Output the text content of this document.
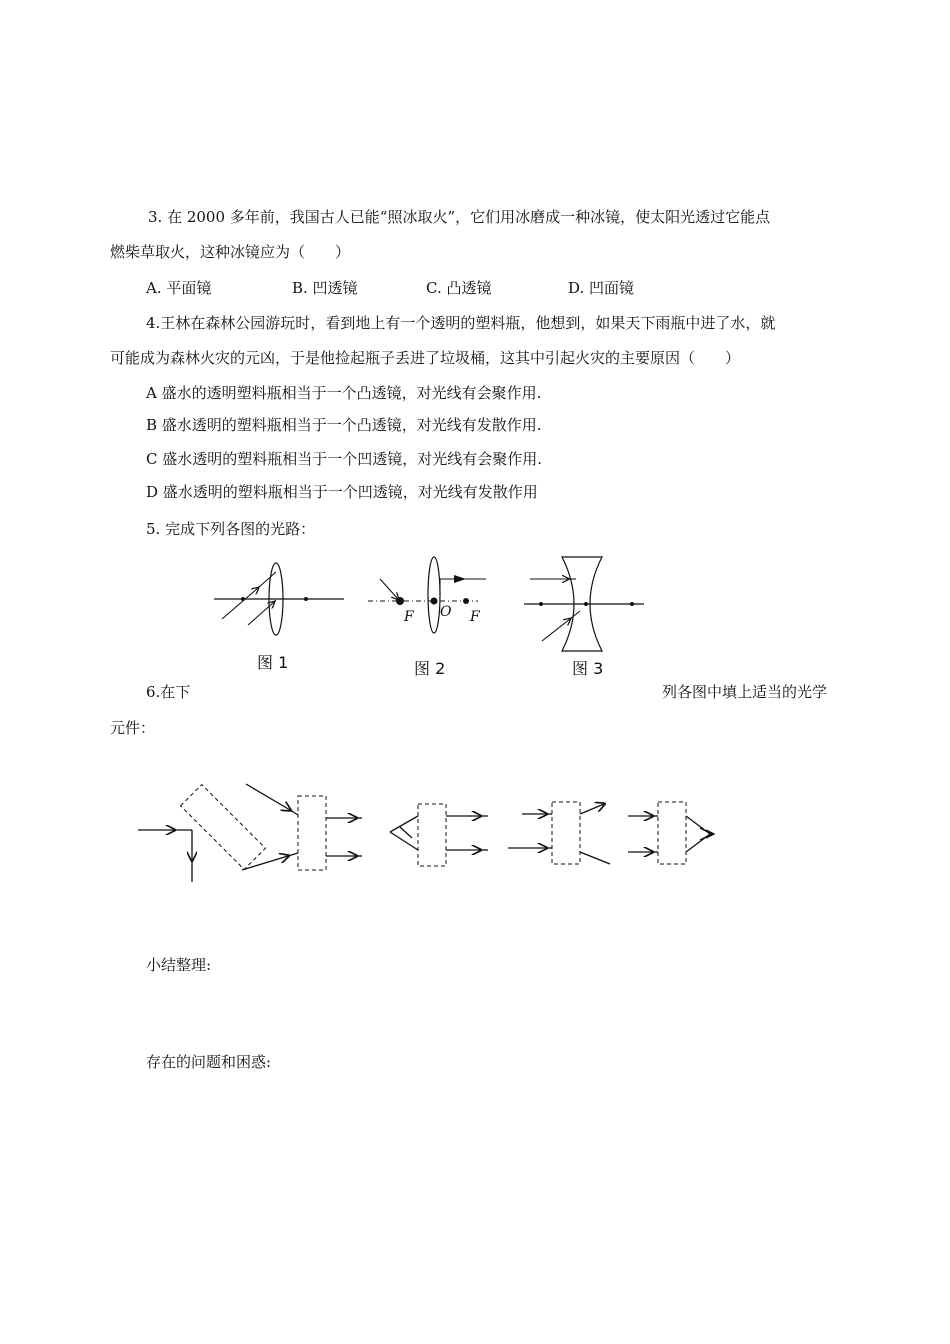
3. 在 2000 多年前，我国古人已能“照冰取火”，它们用冰磨成一种冰镜，使太阳光透过它能点
燃柴草取火，这种冰镜应为（　　）
A. 平面镜	B. 凹透镜	C. 凸透镜	D. 凹面镜
4.王林在森林公园游玩时，看到地上有一个透明的塑料瓶，他想到，如果天下雨瓶中进了水，就
可能成为森林火灾的元凶，于是他捡起瓶子丢进了垃圾桶，这其中引起火灾的主要原因（　　）
A 盛水的透明塑料瓶相当于一个凸透镜，对光线有会聚作用.
B 盛水透明的塑料瓶相当于一个凸透镜，对光线有发散作用.
C 盛水透明的塑料瓶相当于一个凹透镜，对光线有会聚作用.
D 盛水透明的塑料瓶相当于一个凹透镜，对光线有发散作用
5. 完成下列各图的光路：
图 1
F O F
图 2	图 3
6.在下	列各图中填上适当的光学
元件：
小结整理:
存在的问题和困惑:
